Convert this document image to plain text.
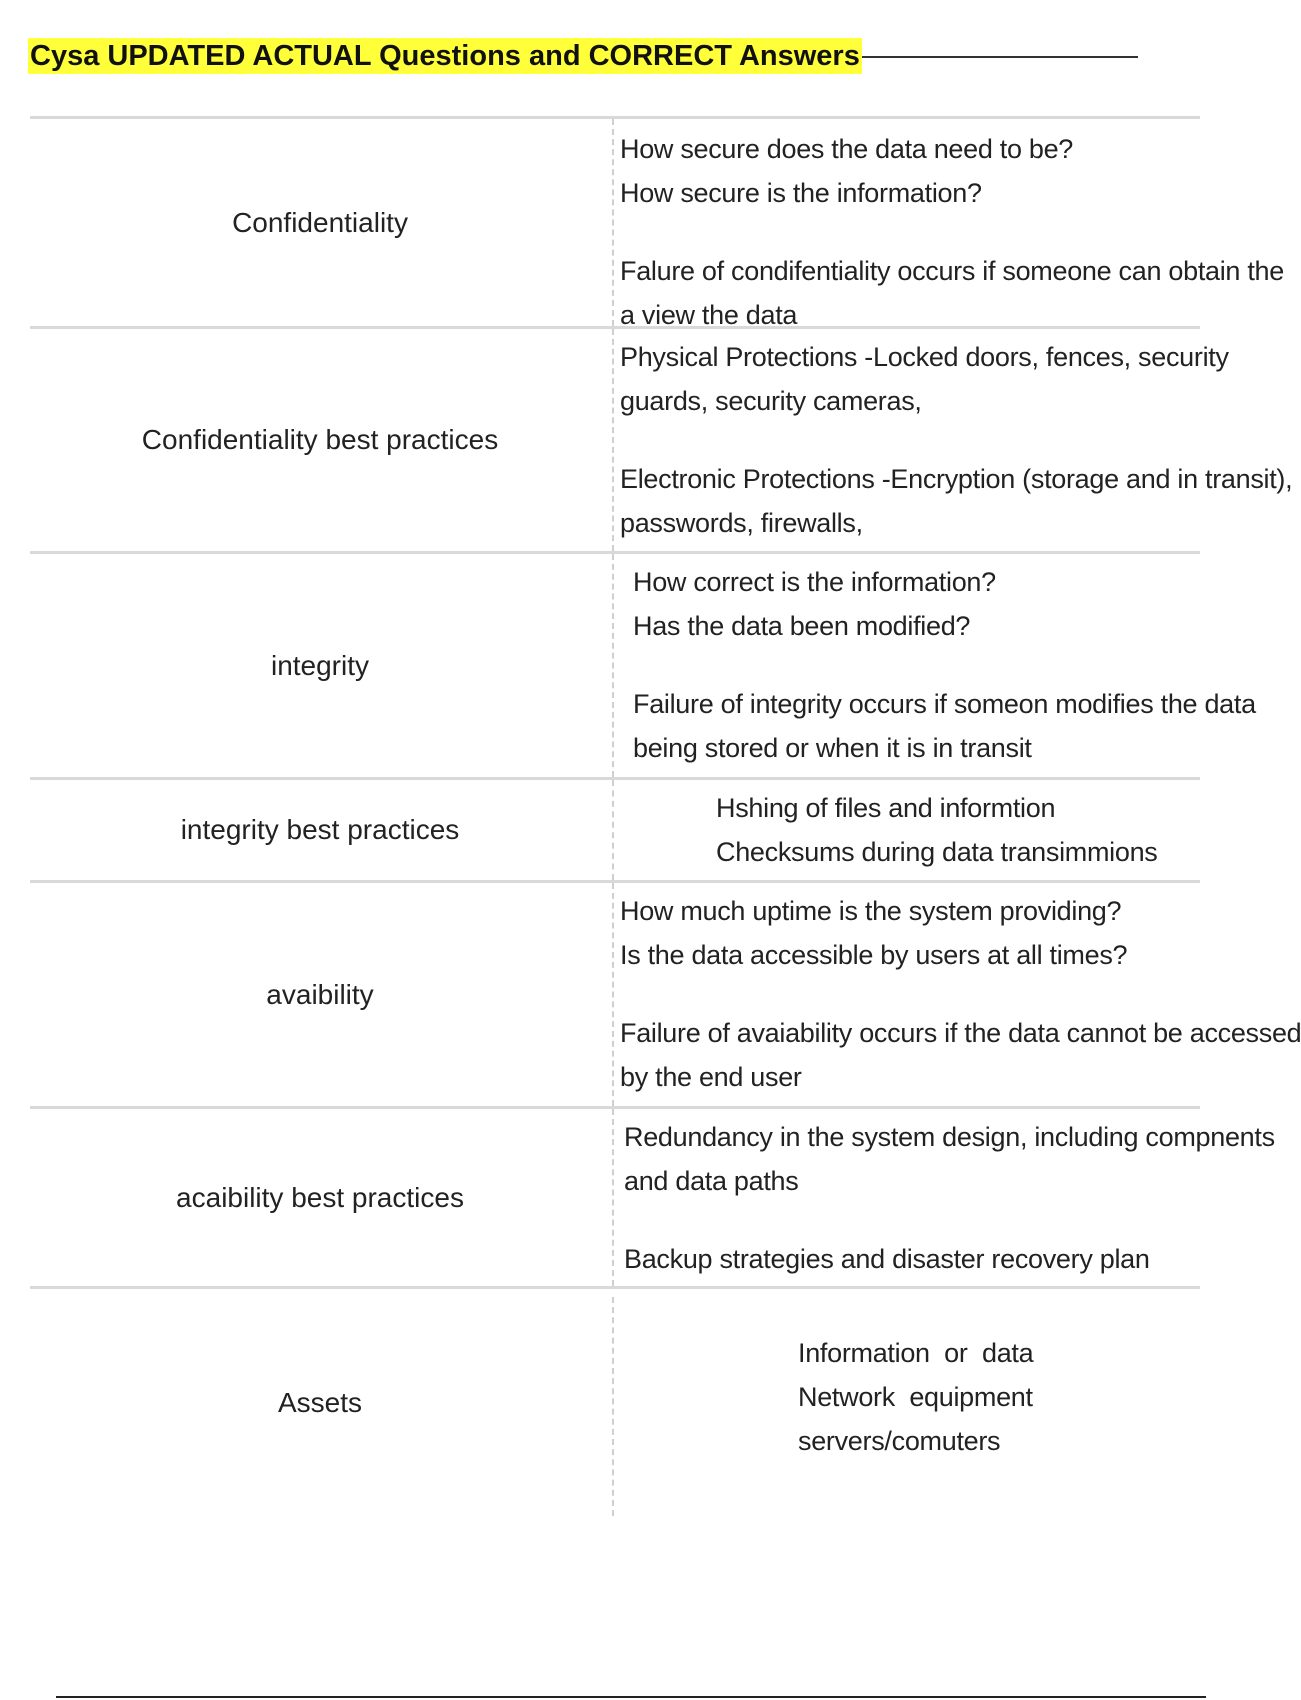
Cysa UPDATED ACTUAL Questions and CORRECT Answers
Confidentiality
How secure does the data need to be?
How secure is the information?
Falure of condifentiality occurs if someone can obtain the
a view the data
Confidentiality best practices
Physical Protections -Locked doors, fences, security
guards, security cameras,
Electronic Protections -Encryption (storage and in transit),
passwords, firewalls,
integrity
How correct is the information?
Has the data been modified?
Failure of integrity occurs if someon modifies the data
being stored or when it is in transit
integrity best practices
Hshing of files and informtion
Checksums during data transimmions
avaibility
How much uptime is the system providing?
Is the data accessible by users at all times?
Failure of avaiability occurs if the data cannot be accessed
by the end user
acaibility best practices
Redundancy in the system design, including compnents
and data paths
Backup strategies and disaster recovery plan
Assets
Information  or  data
Network  equipment
servers/comuters
